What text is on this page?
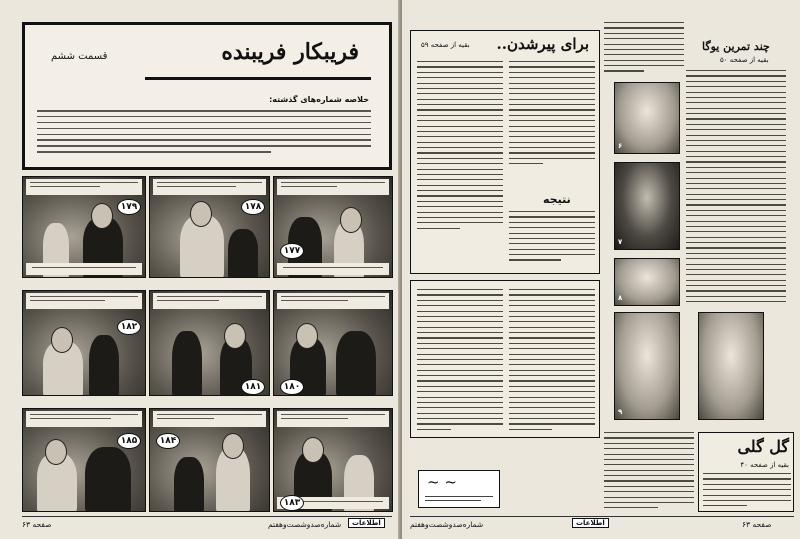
فریبکار فریبنده
قسمت ششم
خلاصه شماره‌های گذشته:
۱۷۹	۱۷۸
۱۷۷
۱۸۲
۱۸۱	۱۸۰
۱۸۵	۱۸۴
۱۸۳
صفحه ۶۳	شماره‌صدوشصت‌وهفتم	اطلاعات
برای پیرشدن..
بقیه از صفحه ۵۹
نتیجه
~ ~
۶
۷
۸
۹
چند تمرین یوگا
بقیه از صفحه ۵۰
گل گلی
بقیه از صفحه ۴۰
اطلاعات
شماره‌صدوشصت‌وهفتم	صفحه ۶۳
